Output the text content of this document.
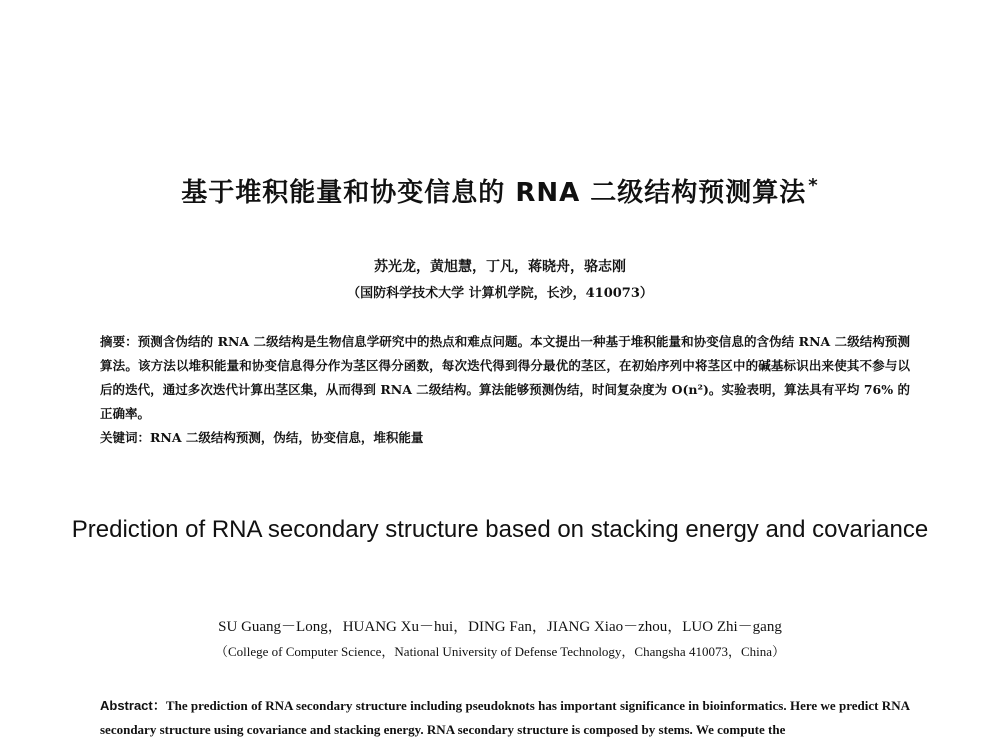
基于堆积能量和协变信息的 RNA 二级结构预测算法 *
苏光龙，黄旭慧，丁凡，蒋晓舟，骆志刚
（国防科学技术大学 计算机学院，长沙，410073）
摘要：预测含伪结的 RNA 二级结构是生物信息学研究中的热点和难点问题。本文提出一种基于堆积能量和协变信息的含伪结 RNA 二级结构预测算法。该方法以堆积能量和协变信息得分作为茎区得分函数，每次迭代得到得分最优的茎区，在初始序列中将茎区中的碱基标识出来使其不参与以后的迭代，通过多次迭代计算出茎区集，从而得到 RNA 二级结构。算法能够预测伪结，时间复杂度为 O(n²)。实验表明，算法具有平均 76% 的正确率。
关键词：RNA 二级结构预测，伪结，协变信息，堆积能量
Prediction of RNA secondary structure based on stacking energy and covariance
SU Guang－Long，HUANG Xu－hui，DING Fan，JIANG Xiao－zhou，LUO Zhi－gang
（College of Computer Science，National University of Defense Technology，Changsha 410073，China）
Abstract：The prediction of RNA secondary structure including pseudoknots has important significance in bioinformatics. Here we predict RNA secondary structure using covariance and stacking energy. RNA secondary structure is composed by stems. We compute the
